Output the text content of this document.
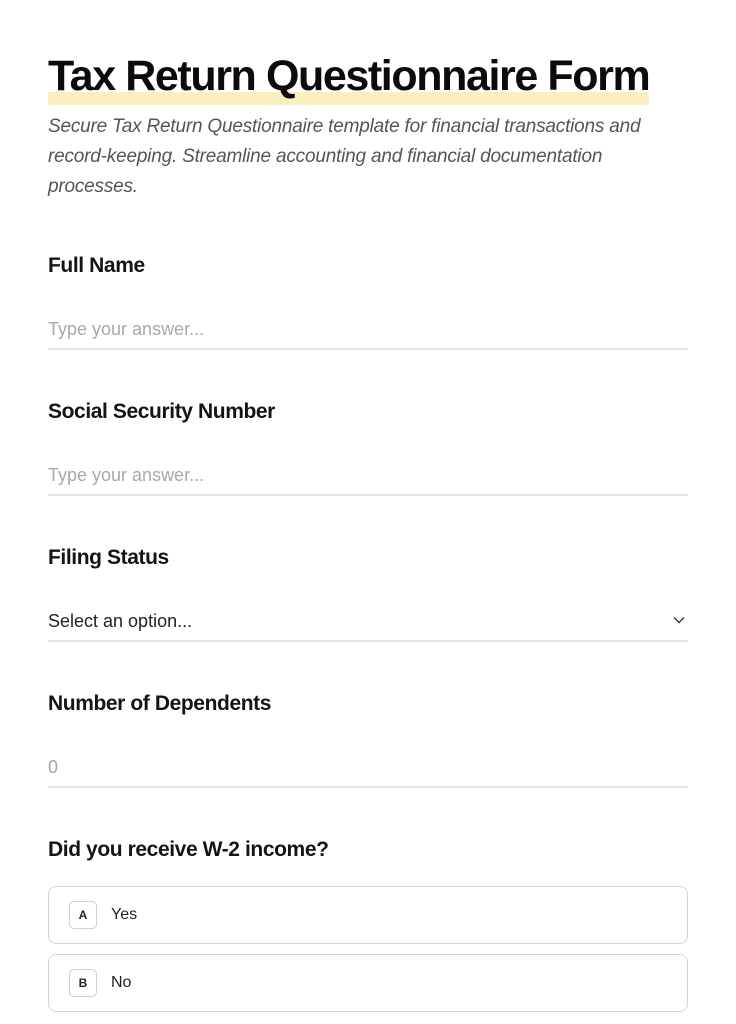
Tax Return Questionnaire Form

Secure Tax Return Questionnaire template for financial transactions and record-keeping. Streamline accounting and financial documentation processes.

Full Name
Type your answer...
Social Security Number
Type your answer...
Filing Status
Select an option...
Number of Dependents
0
Did you receive W-2 income?
A	Yes
B	No
